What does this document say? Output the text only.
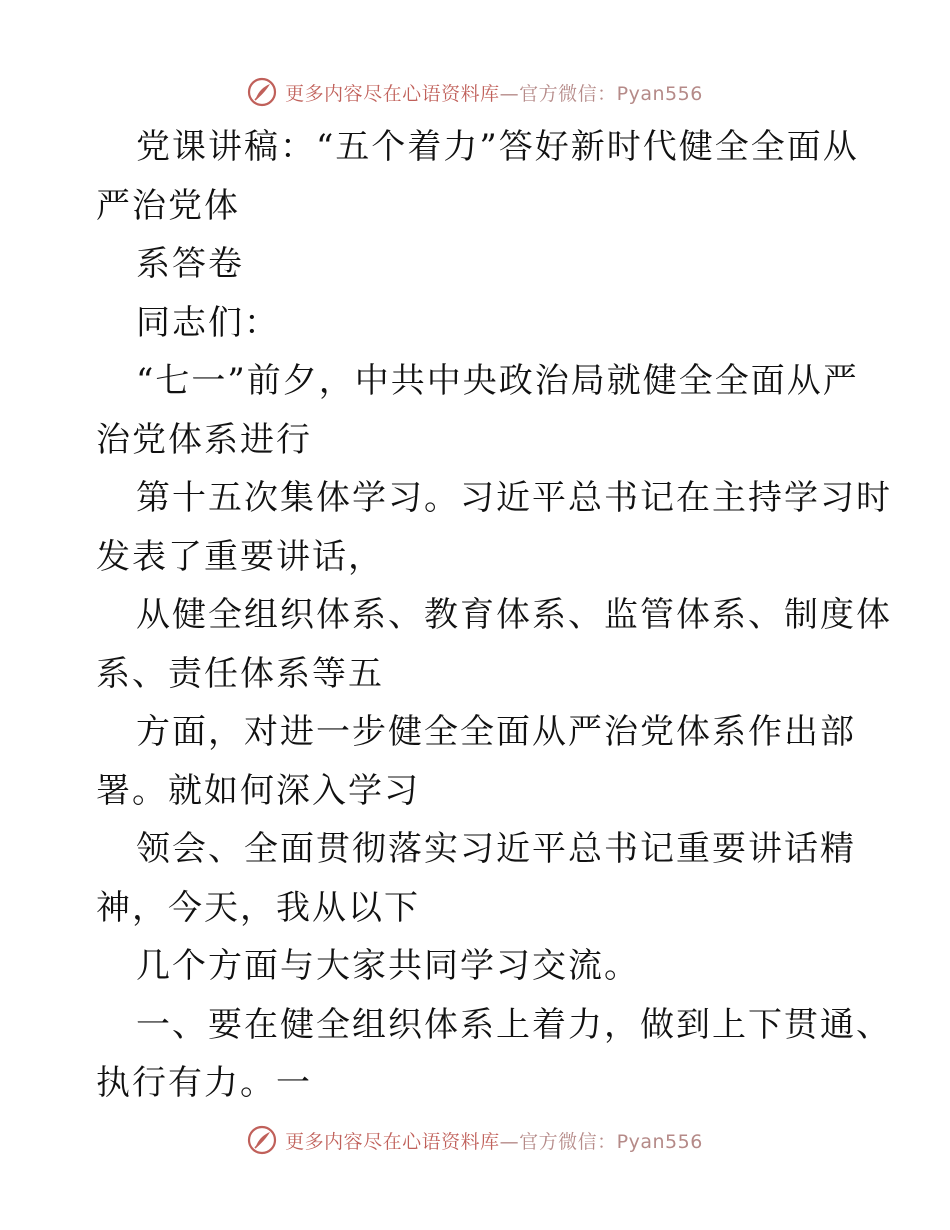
更多内容尽在心语资料库 —官方微信：Pyan556
党课讲稿：“五个着力”答好新时代健全全面从
严治党体
系答卷
同志们：
“七一”前夕，中共中央政治局就健全全面从严
治党体系进行
第十五次集体学习。习近平总书记在主持学习时
发表了重要讲话，
从健全组织体系、教育体系、监管体系、制度体
系、责任体系等五
方面，对进一步健全全面从严治党体系作出部
署。就如何深入学习
领会、全面贯彻落实习近平总书记重要讲话精
神，今天，我从以下
几个方面与大家共同学习交流。
一、要在健全组织体系上着力，做到上下贯通、
执行有力。一
更多内容尽在心语资料库 —官方微信：Pyan556
